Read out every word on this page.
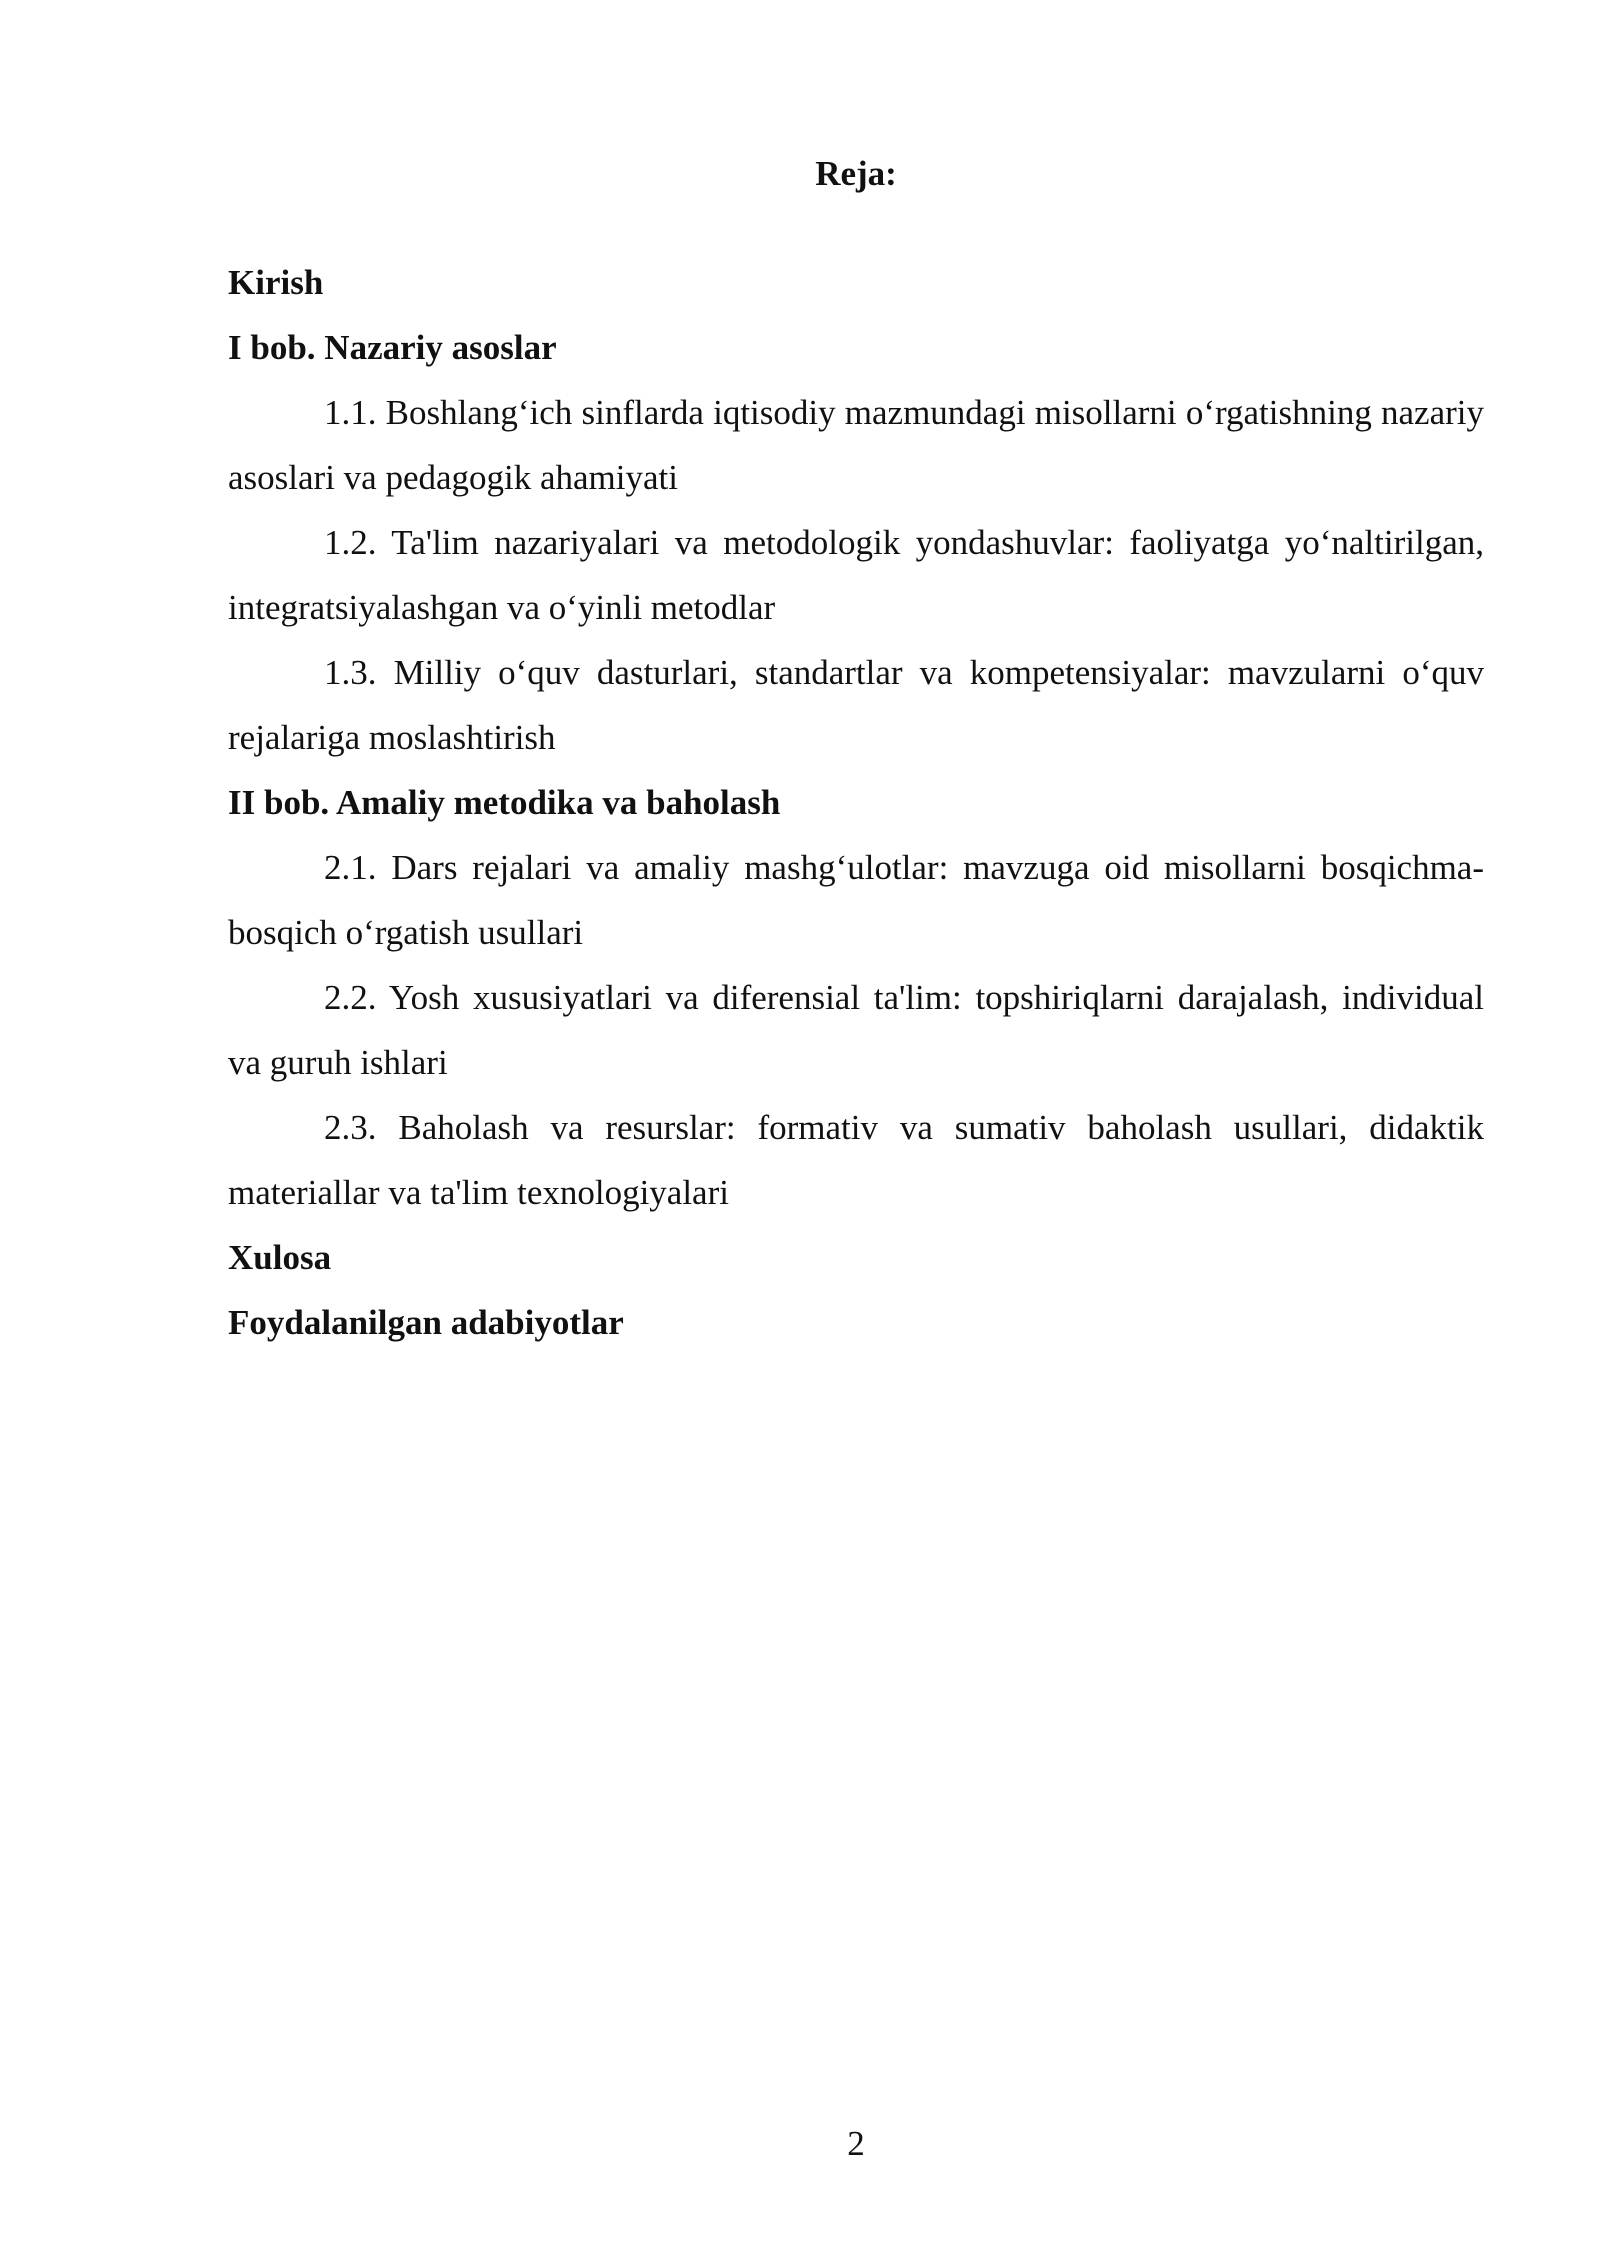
Reja:

Kirish

I bob. Nazariy asoslar

1.1. Boshlang‘ich sinflarda iqtisodiy mazmundagi misollarni o‘rgatishning nazariy asoslari va pedagogik ahamiyati

1.2. Ta'lim nazariyalari va metodologik yondashuvlar: faoliyatga yo‘naltirilgan, integratsiyalashgan va o‘yinli metodlar

1.3. Milliy o‘quv dasturlari, standartlar va kompetensiyalar: mavzularni o‘quv rejalariga moslashtirish

II bob. Amaliy metodika va baholash

2.1. Dars rejalari va amaliy mashg‘ulotlar: mavzuga oid misollarni bosqichma-bosqich o‘rgatish usullari

2.2. Yosh xususiyatlari va diferensial ta'lim: topshiriqlarni darajalash, individual va guruh ishlari

2.3. Baholash va resurslar: formativ va sumativ baholash usullari, didaktik materiallar va ta'lim texnologiyalari

Xulosa

Foydalanilgan adabiyotlar

2
